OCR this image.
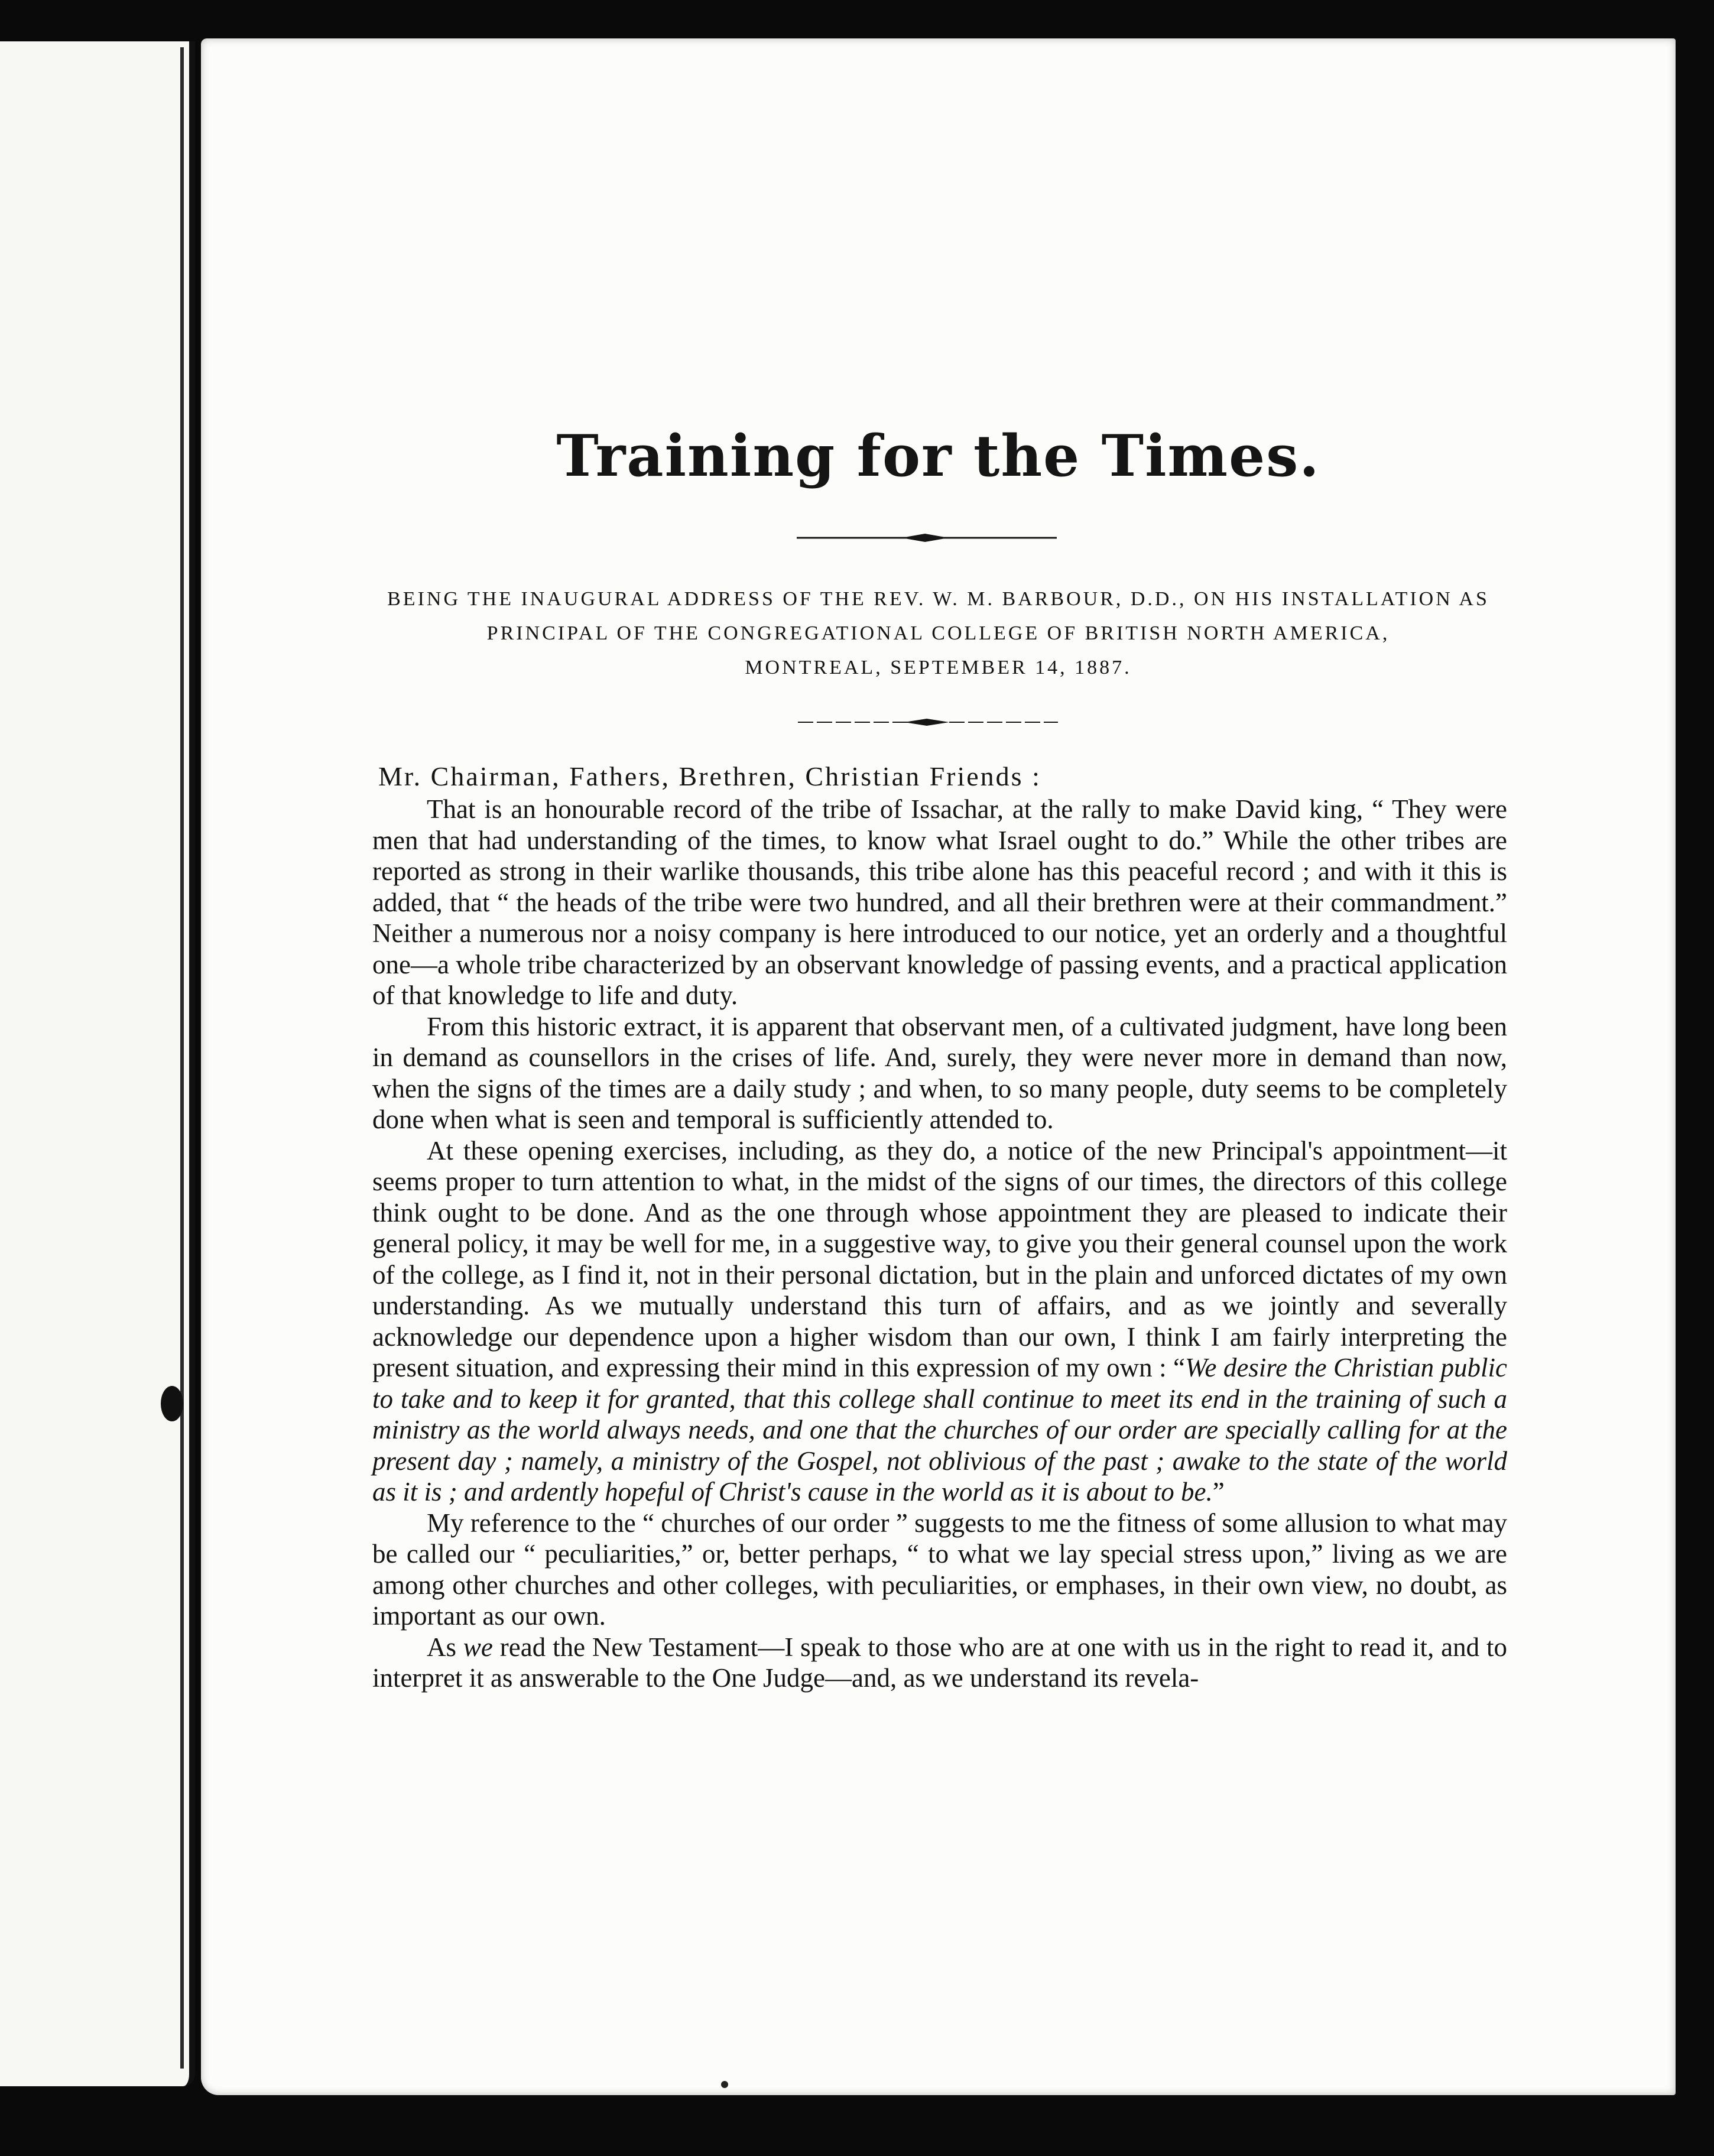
Training for the Times.
BEING THE INAUGURAL ADDRESS OF THE REV. W. M. BARBOUR, D.D., ON HIS INSTALLATION AS
PRINCIPAL OF THE CONGREGATIONAL COLLEGE OF BRITISH NORTH AMERICA,
MONTREAL, SEPTEMBER 14, 1887.
Mr. Chairman, Fathers, Brethren, Christian Friends :

That is an honourable record of the tribe of Issachar, at the rally to make David king, “ They were men that had understanding of the times, to know what Israel ought to do.” While the other tribes are reported as strong in their warlike thousands, this tribe alone has this peaceful record ; and with it this is added, that “ the heads of the tribe were two hundred, and all their brethren were at their commandment.” Neither a numerous nor a noisy company is here introduced to our notice, yet an orderly and a thoughtful one—a whole tribe characterized by an observant knowledge of passing events, and a practical application of that knowledge to life and duty.

From this historic extract, it is apparent that observant men, of a cultivated judgment, have long been in demand as counsellors in the crises of life. And, surely, they were never more in demand than now, when the signs of the times are a daily study ; and when, to so many people, duty seems to be completely done when what is seen and temporal is sufficiently attended to.

At these opening exercises, including, as they do, a notice of the new Principal's appointment—it seems proper to turn attention to what, in the midst of the signs of our times, the directors of this college think ought to be done. And as the one through whose appointment they are pleased to indicate their general policy, it may be well for me, in a suggestive way, to give you their general counsel upon the work of the college, as I find it, not in their personal dictation, but in the plain and unforced dictates of my own understanding. As we mutually understand this turn of affairs, and as we jointly and severally acknowledge our dependence upon a higher wisdom than our own, I think I am fairly interpreting the present situation, and expressing their mind in this expression of my own : “We desire the Christian public to take and to keep it for granted, that this college shall continue to meet its end in the training of such a ministry as the world always needs, and one that the churches of our order are specially calling for at the present day ; namely, a ministry of the Gospel, not oblivious of the past ; awake to the state of the world as it is ; and ardently hopeful of Christ's cause in the world as it is about to be.”

My reference to the “ churches of our order ” suggests to me the fitness of some allusion to what may be called our “ peculiarities,” or, better perhaps, “ to what we lay special stress upon,” living as we are among other churches and other colleges, with peculiarities, or emphases, in their own view, no doubt, as important as our own.

As we read the New Testament—I speak to those who are at one with us in the right to read it, and to interpret it as answerable to the One Judge—and, as we understand its revela-
